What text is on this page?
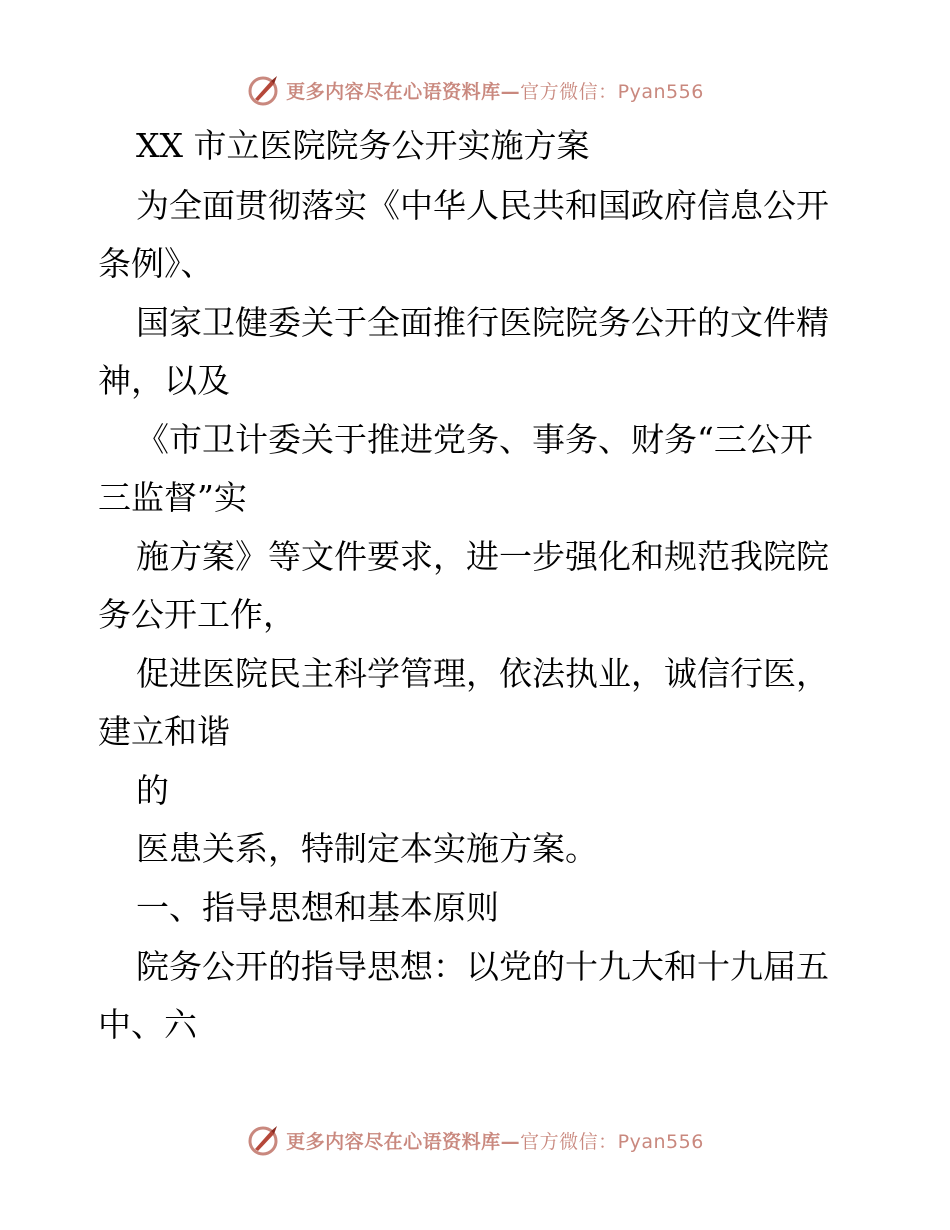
更多内容尽在心语资料库—官方微信：Pyan556
XX 市立医院院务公开实施方案
为全面贯彻落实《中华人民共和国政府信息公开
条例》、
国家卫健委关于全面推行医院院务公开的文件精
神，以及
《市卫计委关于推进党务、事务、财务“三公开
三监督”实
施方案》等文件要求，进一步强化和规范我院院
务公开工作，
促进医院民主科学管理，依法执业，诚信行医，
建立和谐
的
医患关系，特制定本实施方案。
一、指导思想和基本原则
院务公开的指导思想：以党的十九大和十九届五
中、六
更多内容尽在心语资料库—官方微信：Pyan556
